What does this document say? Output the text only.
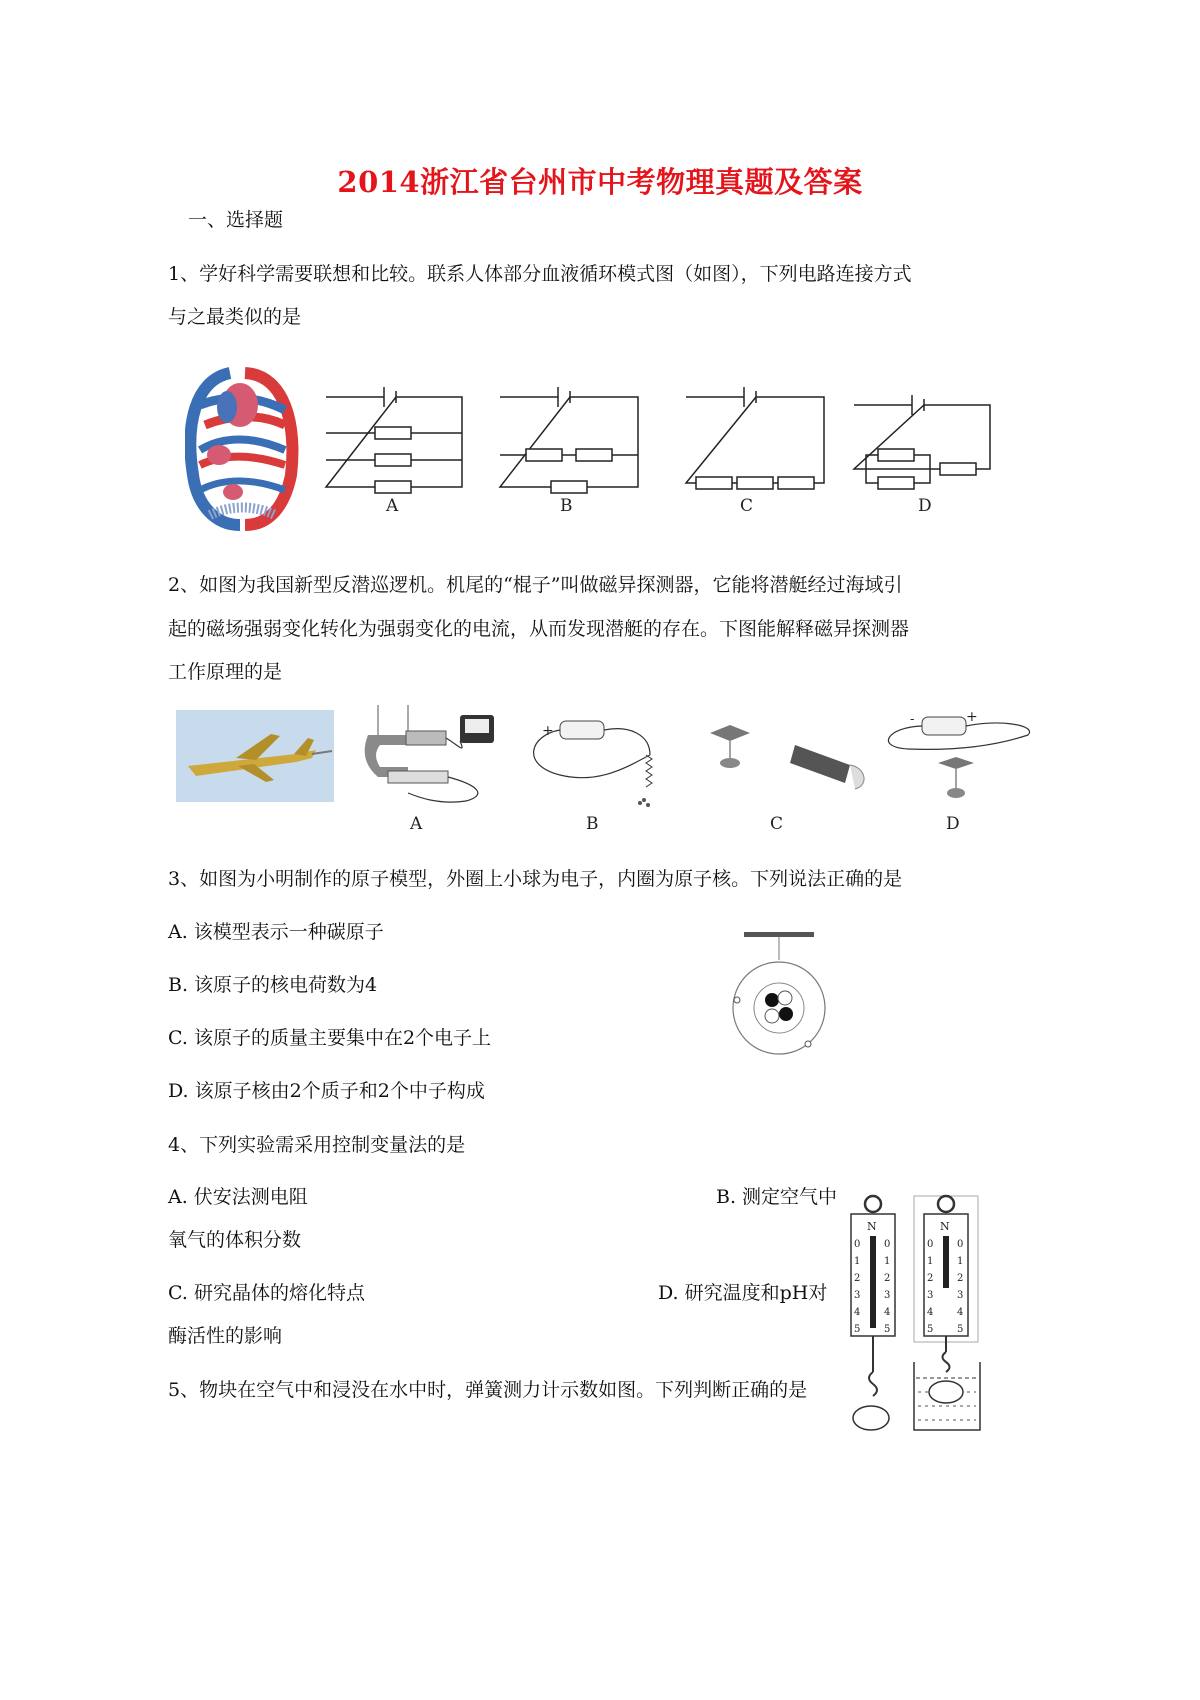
2014浙江省台州市中考物理真题及答案
一、选择题
1、学好科学需要联想和比较。联系人体部分血液循环模式图（如图），下列电路连接方式
与之最类似的是
A	B	C	D
2、如图为我国新型反潜巡逻机。机尾的“棍子”叫做磁异探测器，它能将潜艇经过海域引
起的磁场强弱变化转化为强弱变化的电流，从而发现潜艇的存在。下图能解释磁异探测器
工作原理的是
A
+
B	C
-	+
D
3、如图为小明制作的原子模型，外圈上小球为电子，内圈为原子核。下列说法正确的是
A. 该模型表示一种碳原子
B. 该原子的核电荷数为4
C. 该原子的质量主要集中在2个电子上
D. 该原子核由2个质子和2个中子构成
4、下列实验需采用控制变量法的是
A. 伏安法测电阻	B. 测定空气中
氧气的体积分数
C. 研究晶体的熔化特点	D. 研究温度和pH对
酶活性的影响
5、物块在空气中和浸没在水中时，弹簧测力计示数如图。下列判断正确的是
N
0
1
2
3
4
5
0
1
2
3
4
5
N
0
1
2
3
4
5
0
1
2
3
4
5
